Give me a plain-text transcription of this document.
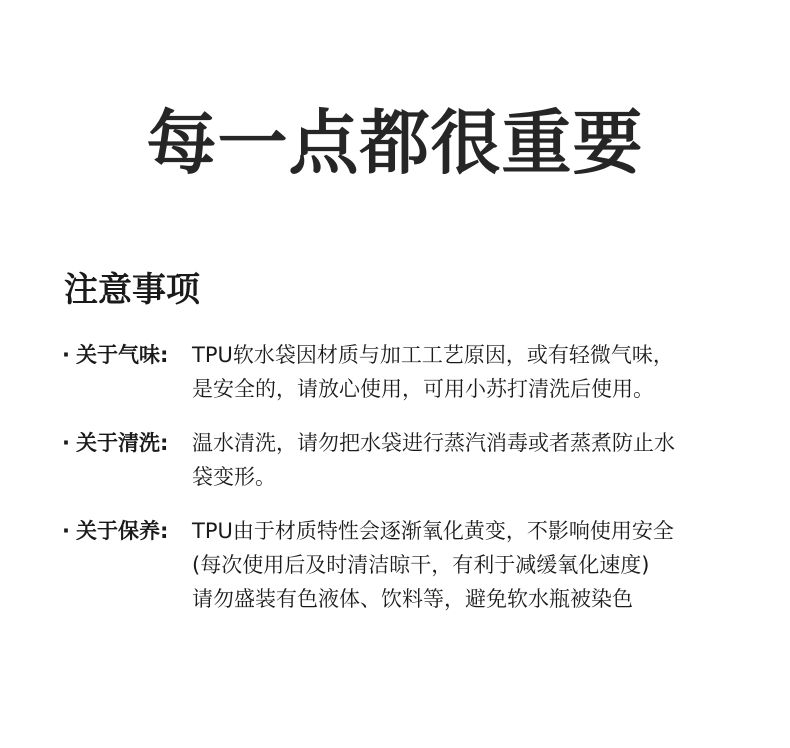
每一点都很重要
注意事项
· 关于气味:	TPU软水袋因材质与加工工艺原因，或有轻微气味，
是安全的，请放心使用，可用小苏打清洗后使用。
· 关于清洗:	温水清洗，请勿把水袋进行蒸汽消毒或者蒸煮防止水
袋变形。
· 关于保养:	TPU由于材质特性会逐渐氧化黄变，不影响使用安全
(每次使用后及时清洁晾干，有利于减缓氧化速度)
请勿盛装有色液体、饮料等，避免软水瓶被染色
